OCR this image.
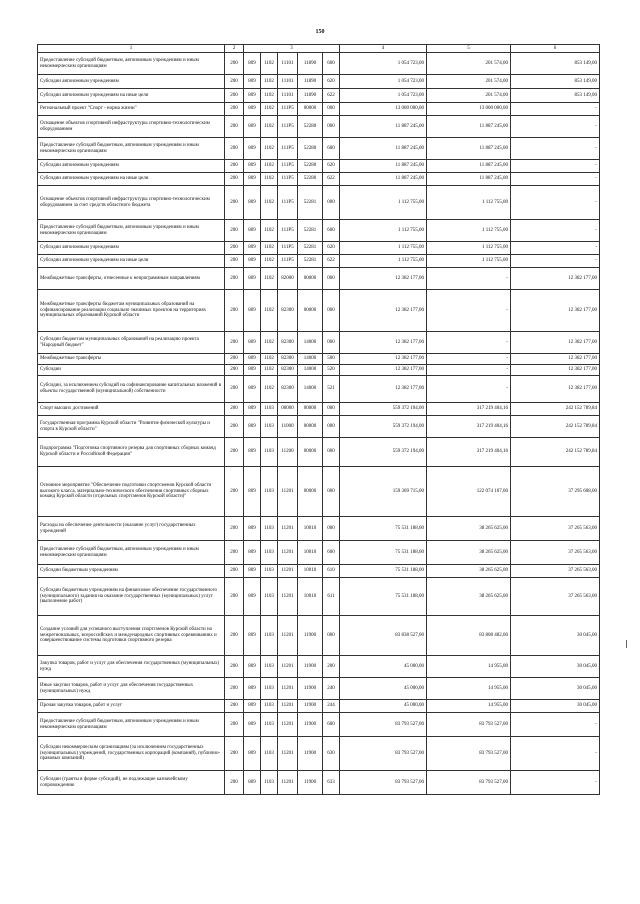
150
1	2	3					4	5	6
Предоставление субсидий бюджетным, автономным учреждениям и иным некоммерческим организациям	200	809	1102	11101	11890	600	1 054 723,00	201 574,00	853 149,00
Субсидии автономным учреждениям	200	809	1102	11101	11890	620	1 054 723,00	201 574,00	853 149,00
Субсидии автономным учреждениям на иные цели	200	809	1102	11101	11890	622	1 054 723,00	201 574,00	853 149,00
Региональный проект "Спорт - норма жизни"	200	809	1102	111Р5	00000	000	13 000 000,00	13 000 000,00	-
Оснащение объектов спортивной инфраструктуры спортивно-технологическим оборудованием	200	809	1102	111Р5	52280	000	11 887 245,00	11 887 245,00	-
Предоставление субсидий бюджетным, автономным учреждениям и иным некоммерческим организациям	200	809	1102	111Р5	52280	600	11 887 245,00	11 887 245,00	-
Субсидии автономным учреждениям	200	809	1102	111Р5	52280	620	11 887 245,00	11 887 245,00	-
Субсидии автономным учреждениям на иные цели	200	809	1102	111Р5	52280	622	11 887 245,00	11 887 245,00	-
Оснащение объектов спортивной инфраструктуры спортивно-технологическим оборудованием за счет средств областного бюджета	200	809	1102	111Р5	52281	000	1 112 755,00	1 112 755,00	-
Предоставление субсидий бюджетным, автономным учреждениям и иным некоммерческим организациям	200	809	1102	111Р5	52281	600	1 112 755,00	1 112 755,00	-
Субсидии автономным учреждениям	200	809	1102	111Р5	52281	620	1 112 755,00	1 112 755,00	-
Субсидии автономным учреждениям на иные цели	200	809	1102	111Р5	52281	622	1 112 755,00	1 112 755,00	-
Межбюджетные трансферты, отнесенные к непрограммным направлениям	200	809	1102	82000	00000	000	12 382 177,00	-	12 382 177,00
Межбюджетные трансферты бюджетам муниципальных образований на софинансирование реализации социально значимых проектов на территориях муниципальных образований Курской области	200	809	1102	82300	00000	000	12 382 177,00	-	12 382 177,00
Субсидии бюджетам муниципальных образований на реализацию проекта "Народный бюджет"	200	809	1102	82300	14000	000	12 382 177,00	-	12 382 177,00
Межбюджетные трансферты	200	809	1102	82300	14000	500	12 382 177,00	-	12 382 177,00
Субсидии	200	809	1102	82300	14000	520	12 382 177,00	-	12 382 177,00
Субсидии, за исключением субсидий на софинансирование капитальных вложений в объекты государственной (муниципальной) собственности	200	809	1102	82300	14000	521	12 382 177,00	-	12 382 177,00
Спорт высших достижений	200	809	1103	00000	00000	000	559 372 194,00	317 219 404,16	242 152 789,84
Государственная программа Курской области "Развитие физической культуры и спорта в Курской области"	200	809	1103	11000	00000	000	559 372 194,00	317 219 404,16	242 152 789,84
Подпрограмма "Подготовка спортивного резерва для спортивных сборных команд Курской области и Российской Федерации"	200	809	1103	11200	00000	000	559 372 194,00	317 219 404,16	242 152 789,84
Основное мероприятие "Обеспечение подготовки спортсменов Курской области высокого класса, материально-технического обеспечения спортивных сборных команд Курской области (отдельных спортсменов Курской области)"	200	809	1103	11201	00000	000	159 369 715,00	122 074 107,00	37 295 608,00
Расходы на обеспечение деятельности (оказание услуг) государственных учреждений	200	809	1103	11201	10010	000	75 531 188,00	38 265 625,00	37 265 563,00
Предоставление субсидий бюджетным, автономным учреждениям и иным некоммерческим организациям	200	809	1103	11201	10010	600	75 531 188,00	38 265 625,00	37 265 563,00
Субсидии бюджетным учреждениям	200	809	1103	11201	10010	610	75 531 188,00	38 265 625,00	37 265 563,00
Субсидии бюджетным учреждениям на финансовое обеспечение государственного (муниципального) задания на оказание государственных (муниципальных) услуг (выполнение работ)	200	809	1103	11201	10010	611	75 531 188,00	38 265 625,00	37 265 563,00
Создание условий для успешного выступления спортсменов Курской области на межрегиональных, всероссийских и международных спортивных соревнованиях и совершенствование системы подготовки спортивного резерва	200	809	1103	11201	11900	000	83 838 527,00	83 808 482,00	30 045,00
Закупка товаров, работ и услуг для обеспечения государственных (муниципальных) нужд	200	809	1103	11201	11900	200	45 000,00	14 955,00	30 045,00
Иные закупки товаров, работ и услуг для обеспечения государственных (муниципальных) нужд	200	809	1103	11201	11900	240	45 000,00	14 955,00	30 045,00
Прочая закупка товаров, работ и услуг	200	809	1103	11201	11900	244	45 000,00	14 955,00	30 045,00
Предоставление субсидий бюджетным, автономным учреждениям и иным некоммерческим организациям	200	809	1103	11201	11900	600	83 793 527,00	83 793 527,00	-
Субсидии некоммерческим организациям (за исключением государственных (муниципальных) учреждений, государственных корпораций (компаний), публично-правовых компаний)	200	809	1103	11201	11900	630	83 793 527,00	83 793 527,00	-
Субсидии (гранты в форме субсидий), не подлежащие казначейскому сопровождению	200	809	1103	11201	11900	633	83 793 527,00	83 793 527,00	-
